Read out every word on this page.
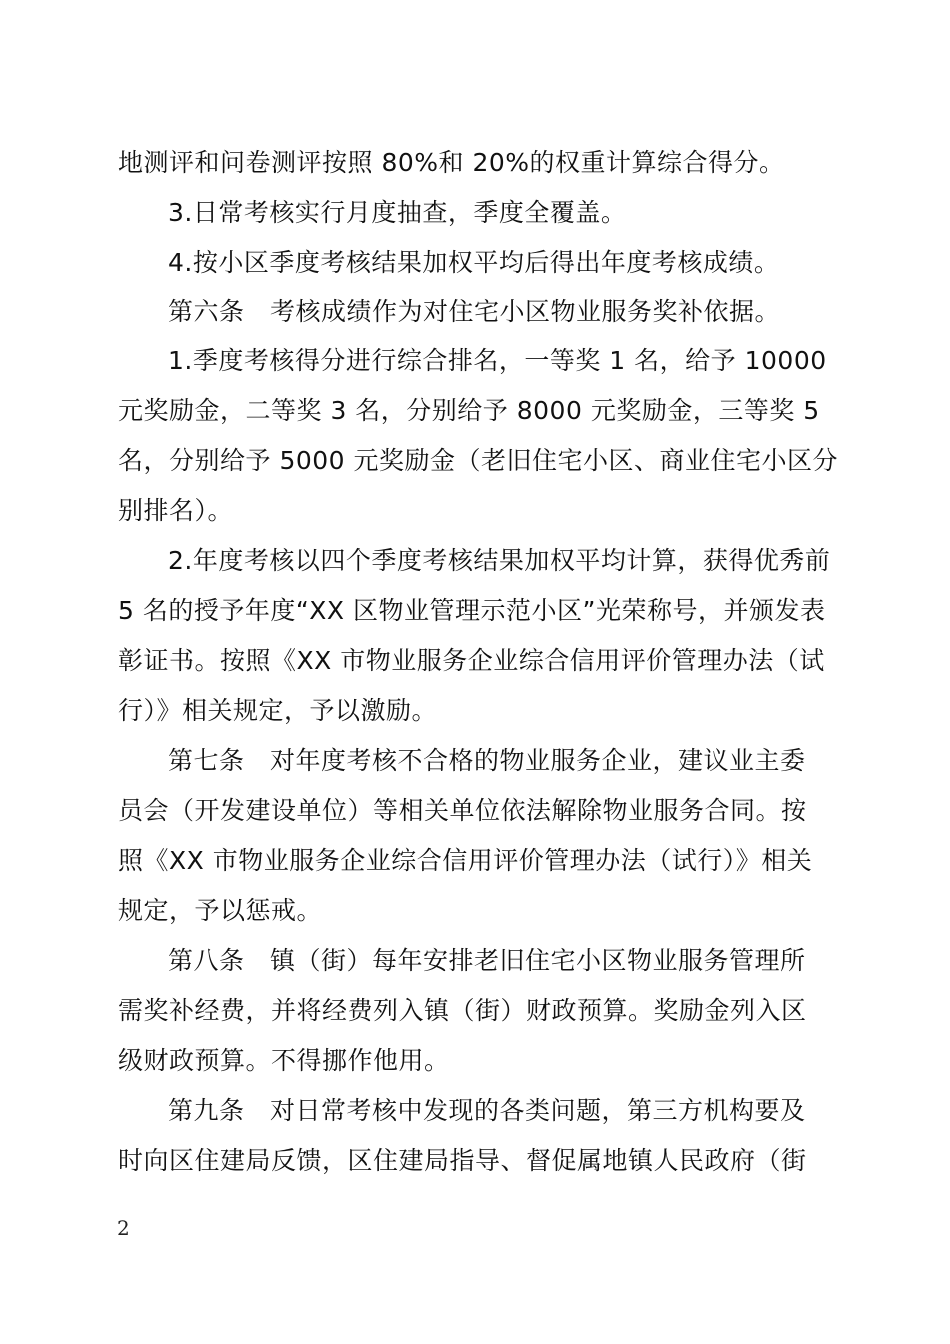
地测评和问卷测评按照 80%和 20%的权重计算综合得分。

3.日常考核实行月度抽查，季度全覆盖。

4.按小区季度考核结果加权平均后得出年度考核成绩。

第六条　考核成绩作为对住宅小区物业服务奖补依据。

1.季度考核得分进行综合排名，一等奖 1 名，给予 10000

元奖励金，二等奖 3 名，分别给予 8000 元奖励金，三等奖 5

名，分别给予 5000 元奖励金（老旧住宅小区、商业住宅小区分

别排名）。

2.年度考核以四个季度考核结果加权平均计算，获得优秀前

5 名的授予年度“XX 区物业管理示范小区”光荣称号，并颁发表

彰证书。按照《XX 市物业服务企业综合信用评价管理办法（试

行）》相关规定，予以激励。

第七条　对年度考核不合格的物业服务企业，建议业主委

员会（开发建设单位）等相关单位依法解除物业服务合同。按

照《XX 市物业服务企业综合信用评价管理办法（试行）》相关

规定，予以惩戒。

第八条　镇（街）每年安排老旧住宅小区物业服务管理所

需奖补经费，并将经费列入镇（街）财政预算。奖励金列入区

级财政预算。不得挪作他用。

第九条　对日常考核中发现的各类问题，第三方机构要及

时向区住建局反馈，区住建局指导、督促属地镇人民政府（街

2
